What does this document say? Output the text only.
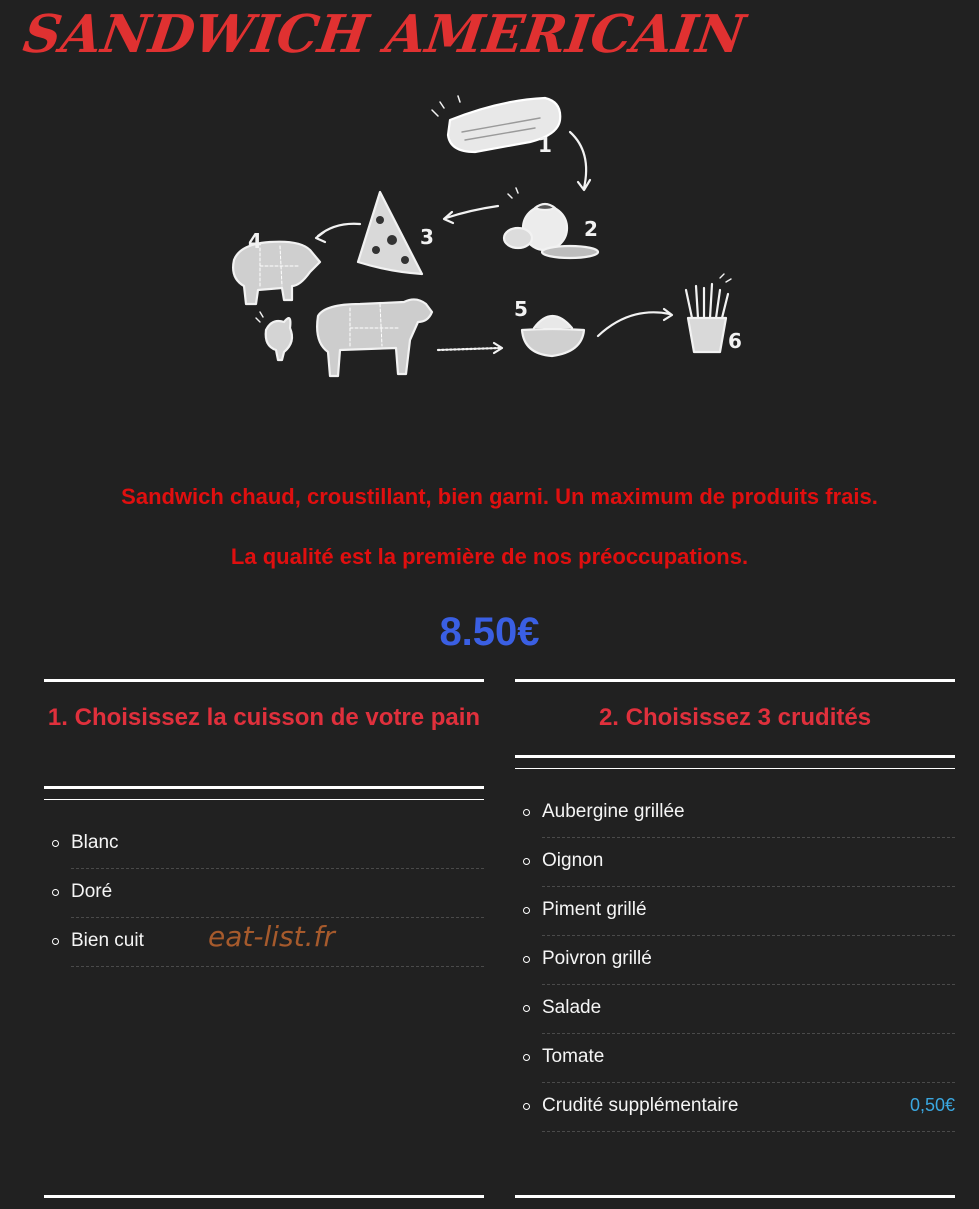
SANDWICH AMERICAIN
1
2
3
4
5
6
Sandwich chaud, croustillant, bien garni. Un maximum de produits frais.
La qualité est la première de nos préoccupations.
8.50€
1. Choisissez la cuisson de votre pain
Blanc
Doré
Bien cuit eat-list.fr
2. Choisissez 3 crudités
Aubergine grillée
Oignon
Piment grillé
Poivron grillé
Salade
Tomate
Crudité supplémentaire	0,50€
